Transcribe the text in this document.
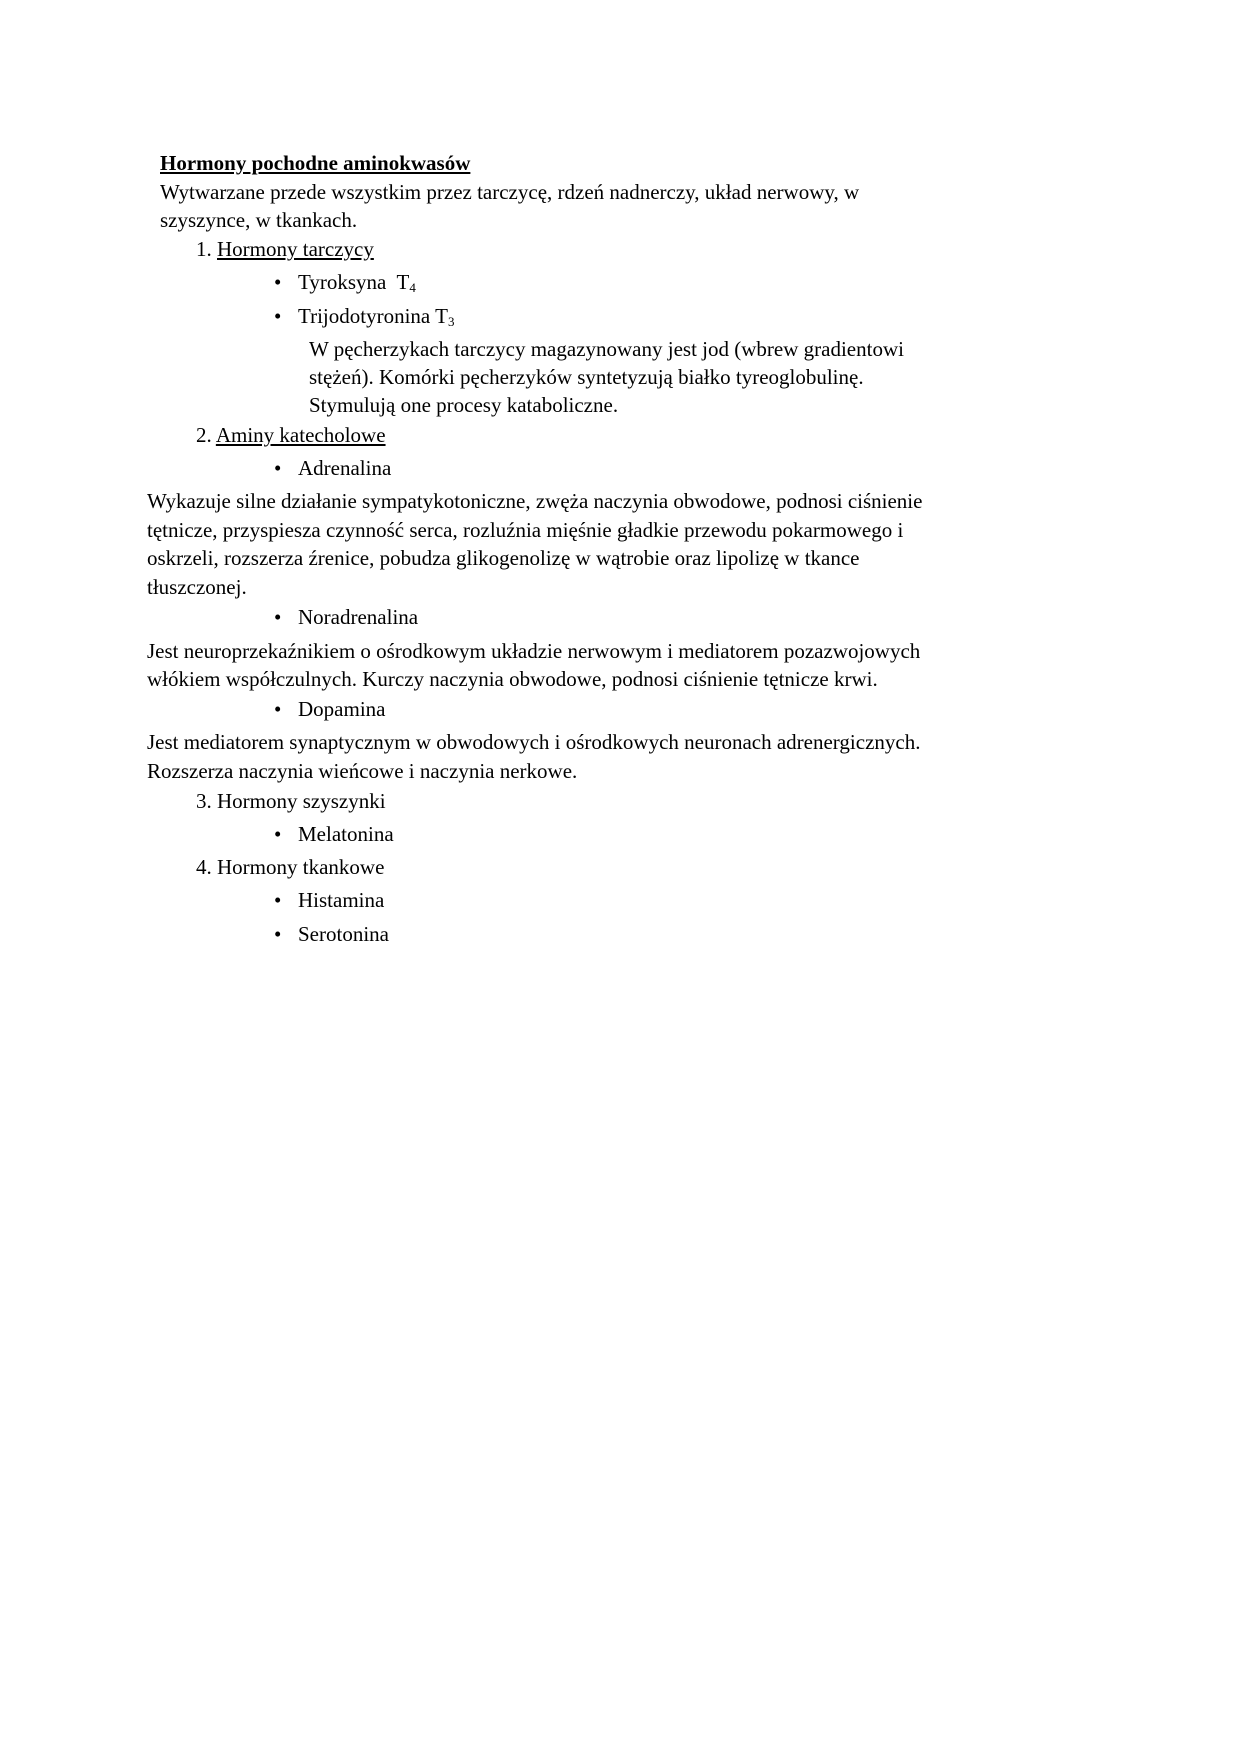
Hormony pochodne aminokwasów
Wytwarzane przede wszystkim przez tarczycę, rdzeń nadnerczy, układ nerwowy, w
szyszynce, w tkankach.
1. Hormony tarczycy
• Tyroksyna $T_4$
• Trijodotyronina $T_3$
W pęcherzykach tarczycy magazynowany jest jod (wbrew gradientowi
stężeń). Komórki pęcherzyków syntetyzują białko tyreoglobulinę.
Stymulują one procesy kataboliczne.
2. Aminy katecholowe
• Adrenalina
Wykazuje silne działanie sympatykotoniczne, zwęża naczynia obwodowe, podnosi ciśnienie
tętnicze, przyspiesza czynność serca, rozluźnia mięśnie gładkie przewodu pokarmowego i
oskrzeli, rozszerza źrenice, pobudza glikogenolizę w wątrobie oraz lipolizę w tkance
tłuszczonej.
• Noradrenalina
Jest neuroprzekaźnikiem o ośrodkowym układzie nerwowym i mediatorem pozazwojowych
włókiem współczulnych. Kurczy naczynia obwodowe, podnosi ciśnienie tętnicze krwi.
• Dopamina
Jest mediatorem synaptycznym w obwodowych i ośrodkowych neuronach adrenergicznych.
Rozszerza naczynia wieńcowe i naczynia nerkowe.
3. Hormony szyszynki
• Melatonina
4. Hormony tkankowe
• Histamina
• Serotonina
